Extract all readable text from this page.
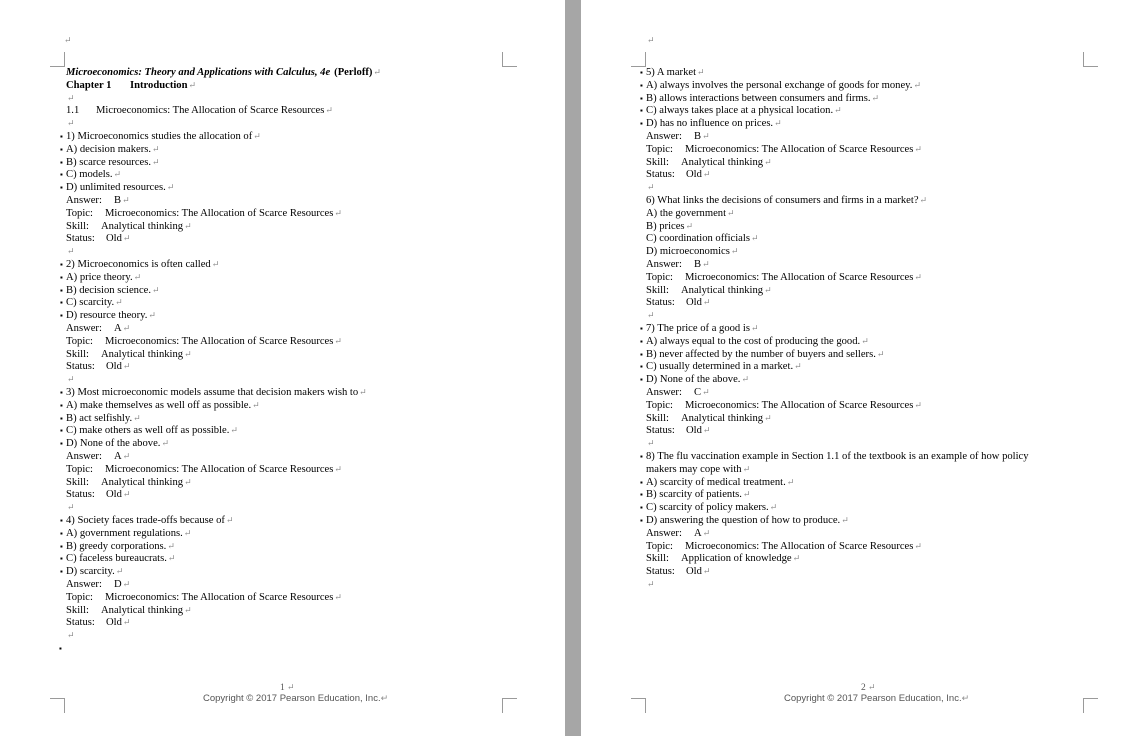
↵
Microeconomics: Theory and Applications with Calculus, 4e (Perloff)↵
Chapter 1 Introduction↵
↵
1.1 Microeconomics: The Allocation of Scarce Resources↵
↵
▪ 1) Microeconomics studies the allocation of↵
▪ A) decision makers.↵
▪ B) scarce resources.↵
▪ C) models.↵
▪ D) unlimited resources.↵
Answer: B↵
Topic: Microeconomics: The Allocation of Scarce Resources↵
Skill: Analytical thinking↵
Status: Old↵
↵
▪ 2) Microeconomics is often called↵
▪ A) price theory.↵
▪ B) decision science.↵
▪ C) scarcity.↵
▪ D) resource theory.↵
Answer: A↵
Topic: Microeconomics: The Allocation of Scarce Resources↵
Skill: Analytical thinking↵
Status: Old↵
↵
▪ 3) Most microeconomic models assume that decision makers wish to↵
▪ A) make themselves as well off as possible.↵
▪ B) act selfishly.↵
▪ C) make others as well off as possible.↵
▪ D) None of the above.↵
Answer: A↵
Topic: Microeconomics: The Allocation of Scarce Resources↵
Skill: Analytical thinking↵
Status: Old↵
↵
▪ 4) Society faces trade-offs because of↵
▪ A) government regulations.↵
▪ B) greedy corporations.↵
▪ C) faceless bureaucrats.↵
▪ D) scarcity.↵
Answer: D↵
Topic: Microeconomics: The Allocation of Scarce Resources↵
Skill: Analytical thinking↵
Status: Old↵
↵
▪
1 ↵
Copyright © 2017 Pearson Education, Inc.↵
↵
▪ 5) A market↵
▪ A) always involves the personal exchange of goods for money.↵
▪ B) allows interactions between consumers and firms.↵
▪ C) always takes place at a physical location.↵
▪ D) has no influence on prices.↵
Answer: B↵
Topic: Microeconomics: The Allocation of Scarce Resources↵
Skill: Analytical thinking↵
Status: Old↵
↵
6) What links the decisions of consumers and firms in a market?↵
A) the government↵
B) prices↵
C) coordination officials↵
D) microeconomics↵
Answer: B↵
Topic: Microeconomics: The Allocation of Scarce Resources↵
Skill: Analytical thinking↵
Status: Old↵
↵
▪ 7) The price of a good is↵
▪ A) always equal to the cost of producing the good.↵
▪ B) never affected by the number of buyers and sellers.↵
▪ C) usually determined in a market.↵
▪ D) None of the above.↵
Answer: C↵
Topic: Microeconomics: The Allocation of Scarce Resources↵
Skill: Analytical thinking↵
Status: Old↵
↵
▪ 8) The flu vaccination example in Section 1.1 of the textbook is an example of how policy
makers may cope with↵
▪ A) scarcity of medical treatment.↵
▪ B) scarcity of patients.↵
▪ C) scarcity of policy makers.↵
▪ D) answering the question of how to produce.↵
Answer: A↵
Topic: Microeconomics: The Allocation of Scarce Resources↵
Skill: Application of knowledge↵
Status: Old↵
↵
2 ↵
Copyright © 2017 Pearson Education, Inc.↵
